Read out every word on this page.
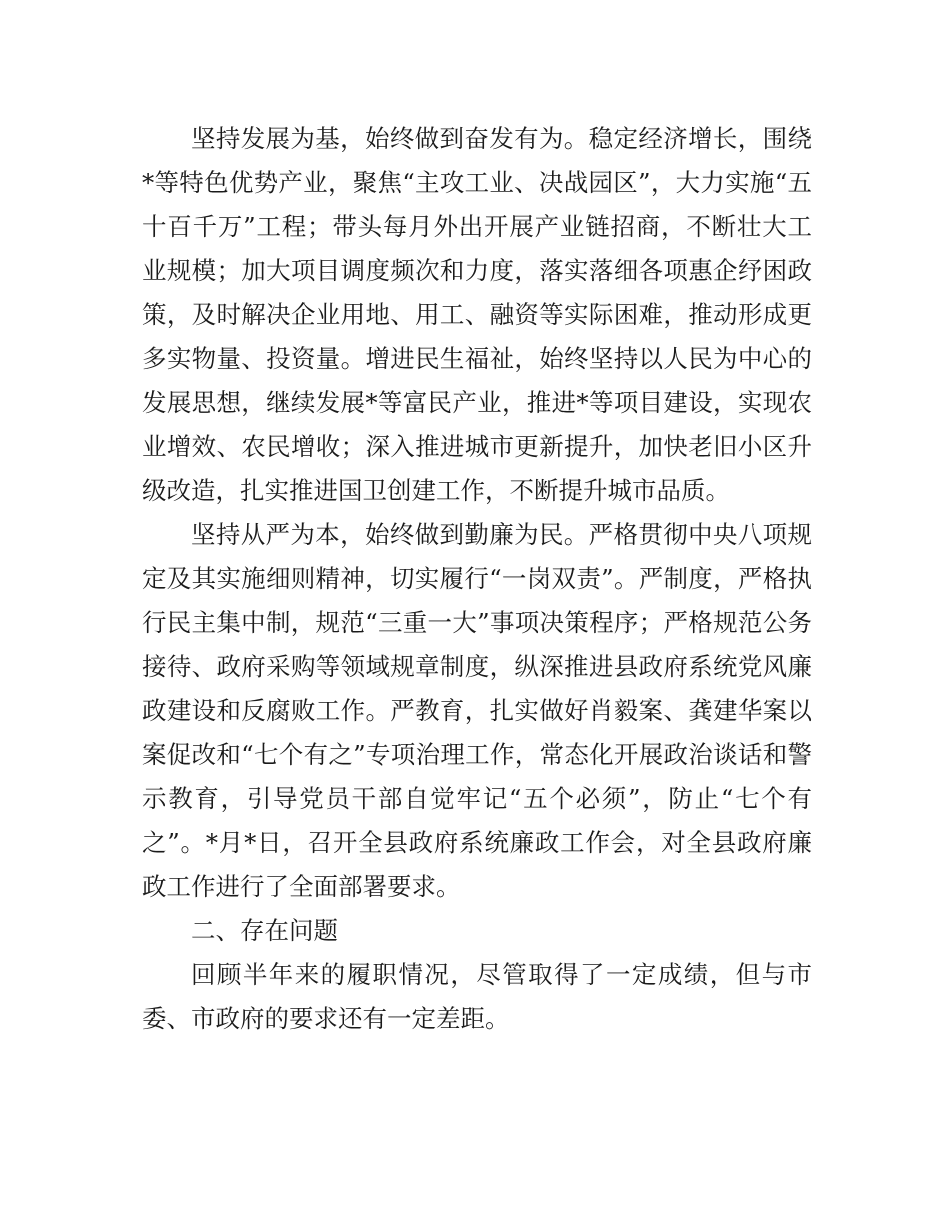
坚持发展为基，始终做到奋发有为。稳定经济增长，围绕*等特色优势产业，聚焦“主攻工业、决战园区”，大力实施“五十百千万”工程；带头每月外出开展产业链招商，不断壮大工业规模；加大项目调度频次和力度，落实落细各项惠企纾困政策，及时解决企业用地、用工、融资等实际困难，推动形成更多实物量、投资量。增进民生福祉，始终坚持以人民为中心的发展思想，继续发展*等富民产业，推进*等项目建设，实现农业增效、农民增收；深入推进城市更新提升，加快老旧小区升级改造，扎实推进国卫创建工作，不断提升城市品质。

坚持从严为本，始终做到勤廉为民。严格贯彻中央八项规定及其实施细则精神，切实履行“一岗双责”。严制度，严格执行民主集中制，规范“三重一大”事项决策程序；严格规范公务接待、政府采购等领域规章制度，纵深推进县政府系统党风廉政建设和反腐败工作。严教育，扎实做好肖毅案、龚建华案以案促改和“七个有之”专项治理工作，常态化开展政治谈话和警示教育，引导党员干部自觉牢记“五个必须”，防止“七个有之”。*月*日，召开全县政府系统廉政工作会，对全县政府廉政工作进行了全面部署要求。

二、存在问题

回顾半年来的履职情况，尽管取得了一定成绩，但与市委、市政府的要求还有一定差距。
